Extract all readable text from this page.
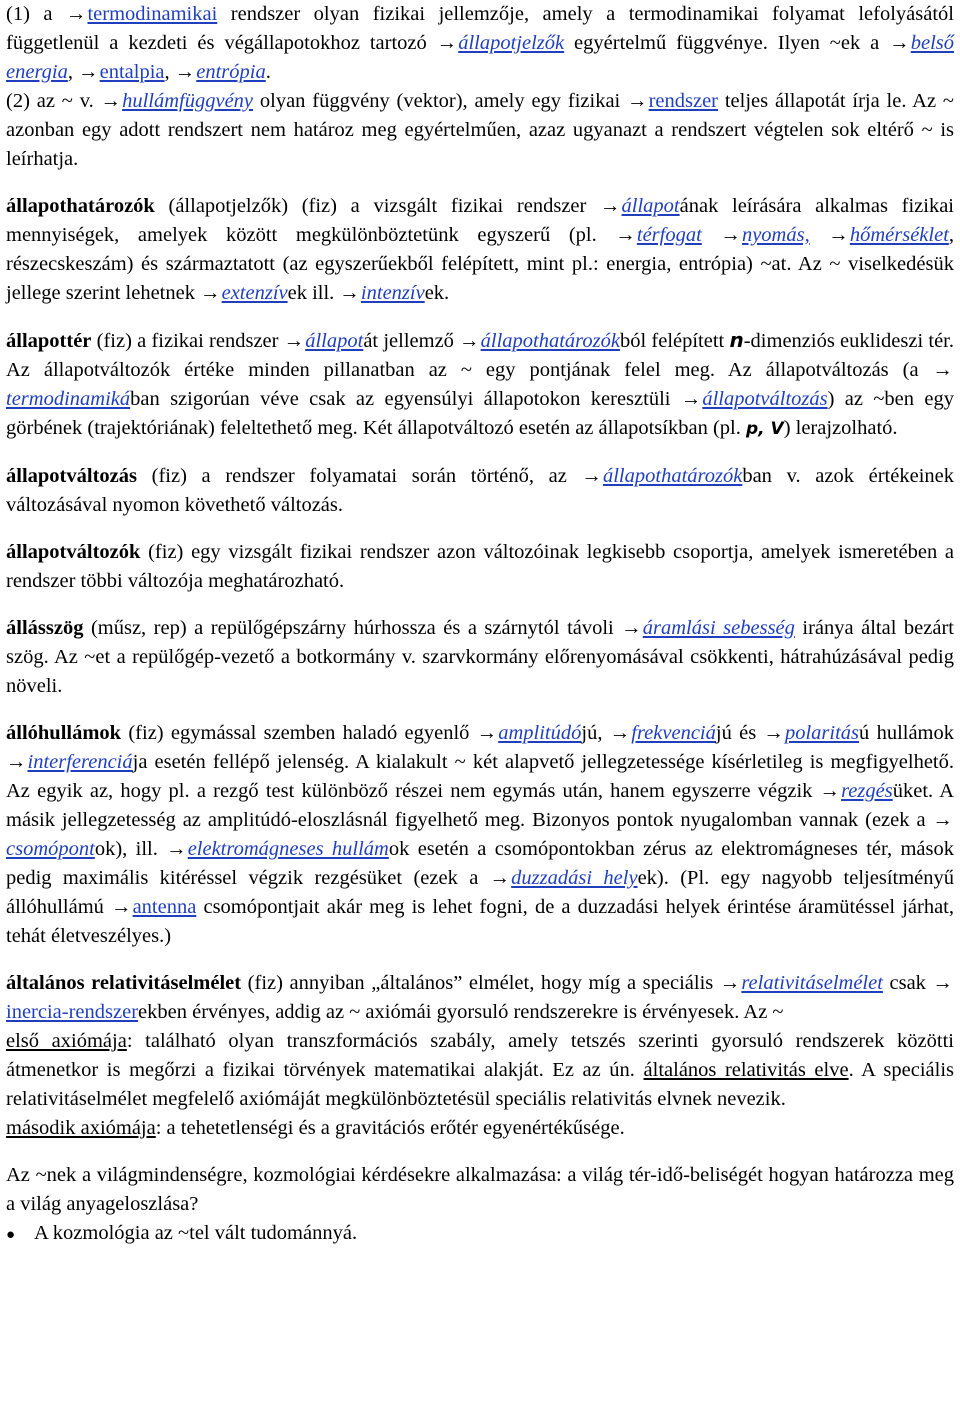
(1) a →termodinamikai rendszer olyan fizikai jellemzője, amely a termodinamikai folyamat lefolyásától függetlenül a kezdeti és végállapotokhoz tartozó →állapotjelzők egyértelmű függvénye. Ilyen ~ek a →belső energia, →entalpia, →entrópia.

(2) az ~ v. →hullámfüggvény olyan függvény (vektor), amely egy fizikai →rendszer teljes állapotát írja le. Az ~ azonban egy adott rendszert nem határoz meg egyértelműen, azaz ugyanazt a rendszert végtelen sok eltérő ~ is leírhatja.

állapothatározók (állapotjelzők) (fiz) a vizsgált fizikai rendszer →állapotának leírására alkalmas fizikai mennyiségek, amelyek között megkülönböztetünk egyszerű (pl. →térfogat →nyomás, →hőmérséklet, részecskeszám) és származtatott (az egyszerűekből felépített, mint pl.: energia, entrópia) ~at. Az ~ viselkedésük jellege szerint lehetnek →extenzívek ill. →intenzívek.

állapottér (fiz) a fizikai rendszer →állapotát jellemző →állapothatározókból felépített n-dimenziós euklideszi tér. Az állapotváltozók értéke minden pillanatban az ~ egy pontjának felel meg. Az állapotváltozás (a →termodinamikában szigorúan véve csak az egyensúlyi állapotokon keresztüli →állapotváltozás) az ~ben egy görbének (trajektóriának) feleltethető meg. Két állapotváltozó esetén az állapotsíkban (pl. p, V) lerajzolható.

állapotváltozás (fiz) a rendszer folyamatai során történő, az →állapothatározókban v. azok értékeinek változásával nyomon követhető változás.

állapotváltozók (fiz) egy vizsgált fizikai rendszer azon változóinak legkisebb csoportja, amelyek ismeretében a rendszer többi változója meghatározható.

állásszög (műsz, rep) a repülőgépszárny húrhossza és a szárnytól távoli →áramlási sebesség iránya által bezárt szög. Az ~et a repülőgép-vezető a botkormány v. szarvkormány előrenyomásával csökkenti, hátrahúzásával pedig növeli.

állóhullámok (fiz) egymással szemben haladó egyenlő →amplitúdójú, →frekvenciájú és →polaritású hullámok →interferenciája esetén fellépő jelenség. A kialakult ~ két alapvető jellegzetessége kísérletileg is megfigyelhető. Az egyik az, hogy pl. a rezgő test különböző részei nem egymás után, hanem egyszerre végzik →rezgésüket. A másik jellegzetesség az amplitúdó-eloszlásnál figyelhető meg. Bizonyos pontok nyugalomban vannak (ezek a →csomópontok), ill. →elektromágneses hullámok esetén a csomópontokban zérus az elektromágneses tér, mások pedig maximális kitéréssel végzik rezgésüket (ezek a →duzzadási helyek). (Pl. egy nagyobb teljesítményű állóhullámú →antenna csomópontjait akár meg is lehet fogni, de a duzzadási helyek érintése áramütéssel járhat, tehát életveszélyes.)

általános relativitáselmélet (fiz) annyiban „általános” elmélet, hogy míg a speciális →relativitáselmélet csak →inercia-rendszerekben érvényes, addig az ~ axiómái gyorsuló rendszerekre is érvényesek. Az ~

első axiómája: található olyan transzformációs szabály, amely tetszés szerinti gyorsuló rendszerek közötti átmenetkor is megőrzi a fizikai törvények matematikai alakját. Ez az ún. általános relativitás elve. A speciális relativitáselmélet megfelelő axiómáját megkülönböztetésül speciális relativitás elvnek nevezik.

második axiómája: a tehetetlenségi és a gravitációs erőtér egyenértékűsége.

Az ~nek a világmindenségre, kozmológiai kérdésekre alkalmazása: a világ tér-idő-beliségét hogyan határozza meg a világ anyageloszlása?

● A kozmológia az ~tel vált tudománnyá.
